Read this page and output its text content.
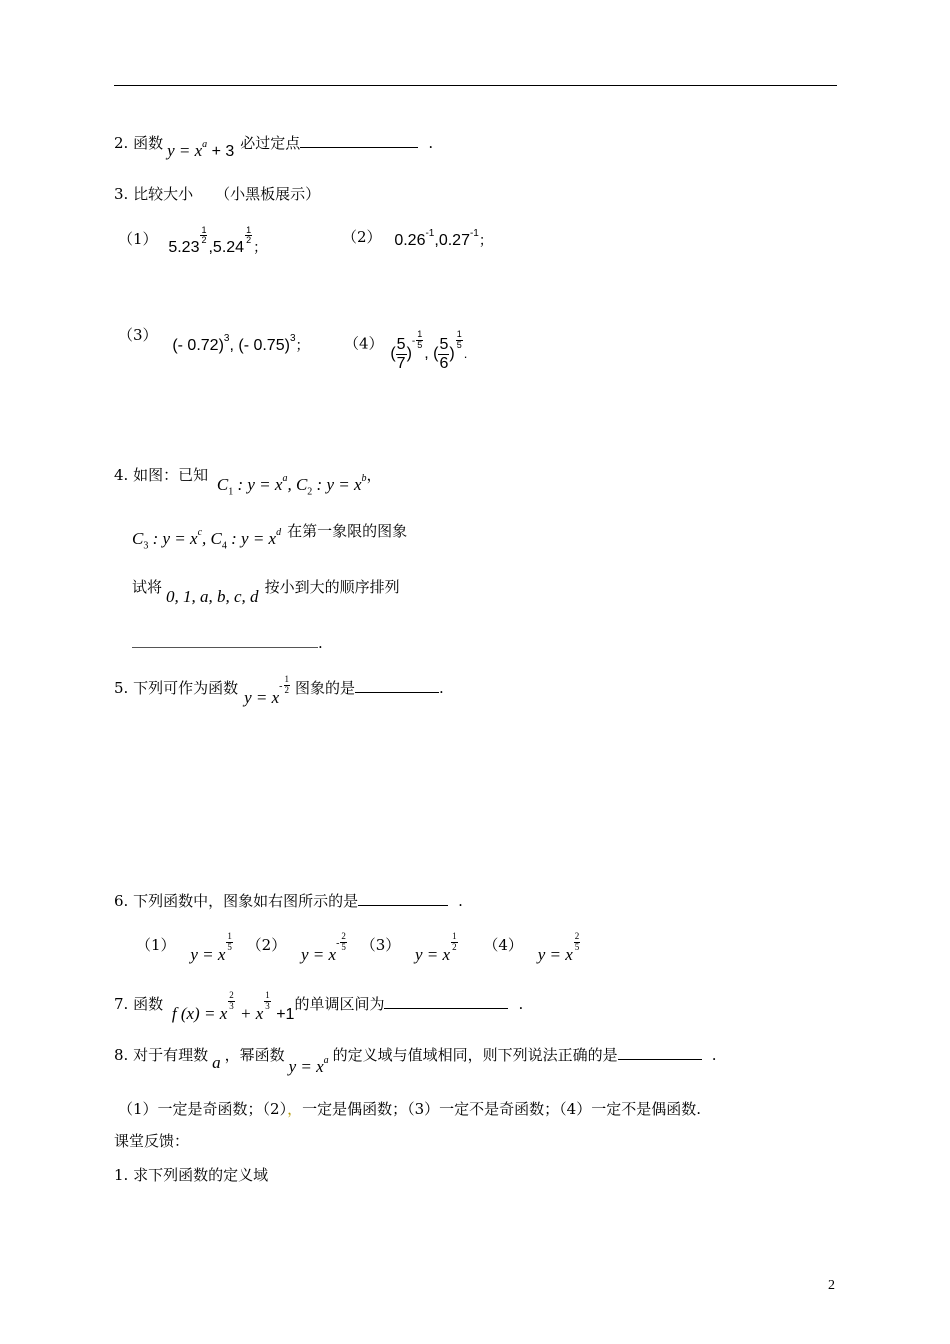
2. 函数 $y = x^a + 3$ 必过定点	.
3. 比较大小 （小黑板展示）
（1） 5.23
$\frac{1}{2}$
,5.24
$\frac{1}{2}$
；
（2） $0.26^{-1},0.27^{-1}$；
（3） (- 0.72)$^3$, (- 0.75)$^3$； （4） ( $\frac{5}{7}$ )- $\frac{1}{5}$
, ( $\frac{5}{6}$ )
$\frac{1}{5}$
.
4. 如图：已知 $C_1$ : $y = x^a$, $C_2$ : $y = x^b$，
$C_3$ : $y = x^c$, $C_4$ : $y = x^d$ 在第一象限的图象
试将 0, 1, a, b, c, d 按小到大的顺序排列
.
5. 下列可作为函数 $y = x- \frac{1}{2}$ 图象的是	.
6. 下列函数中，图象如右图所示的是	.
（1） y = x
$\frac{1}{5} (2) y = x- \frac{2}{5} (3) y = x$
$\frac{1}{2} (4) y = x$
$\frac{2}{5}$
7. 函数 f (x) = x
$\frac{2}{3}$
+ x
$\frac{1}{3}$
+1的单调区间为	.
8. 对于有理数 a ，幂函数$y = x^a$ 的定义域与值域相同，则下列说法正确的是	.
（1）一定是奇函数；（2），一定是偶函数；（3）一定不是奇函数；（4）一定不是偶函数.
课堂反馈：
1. 求下列函数的定义域
2
